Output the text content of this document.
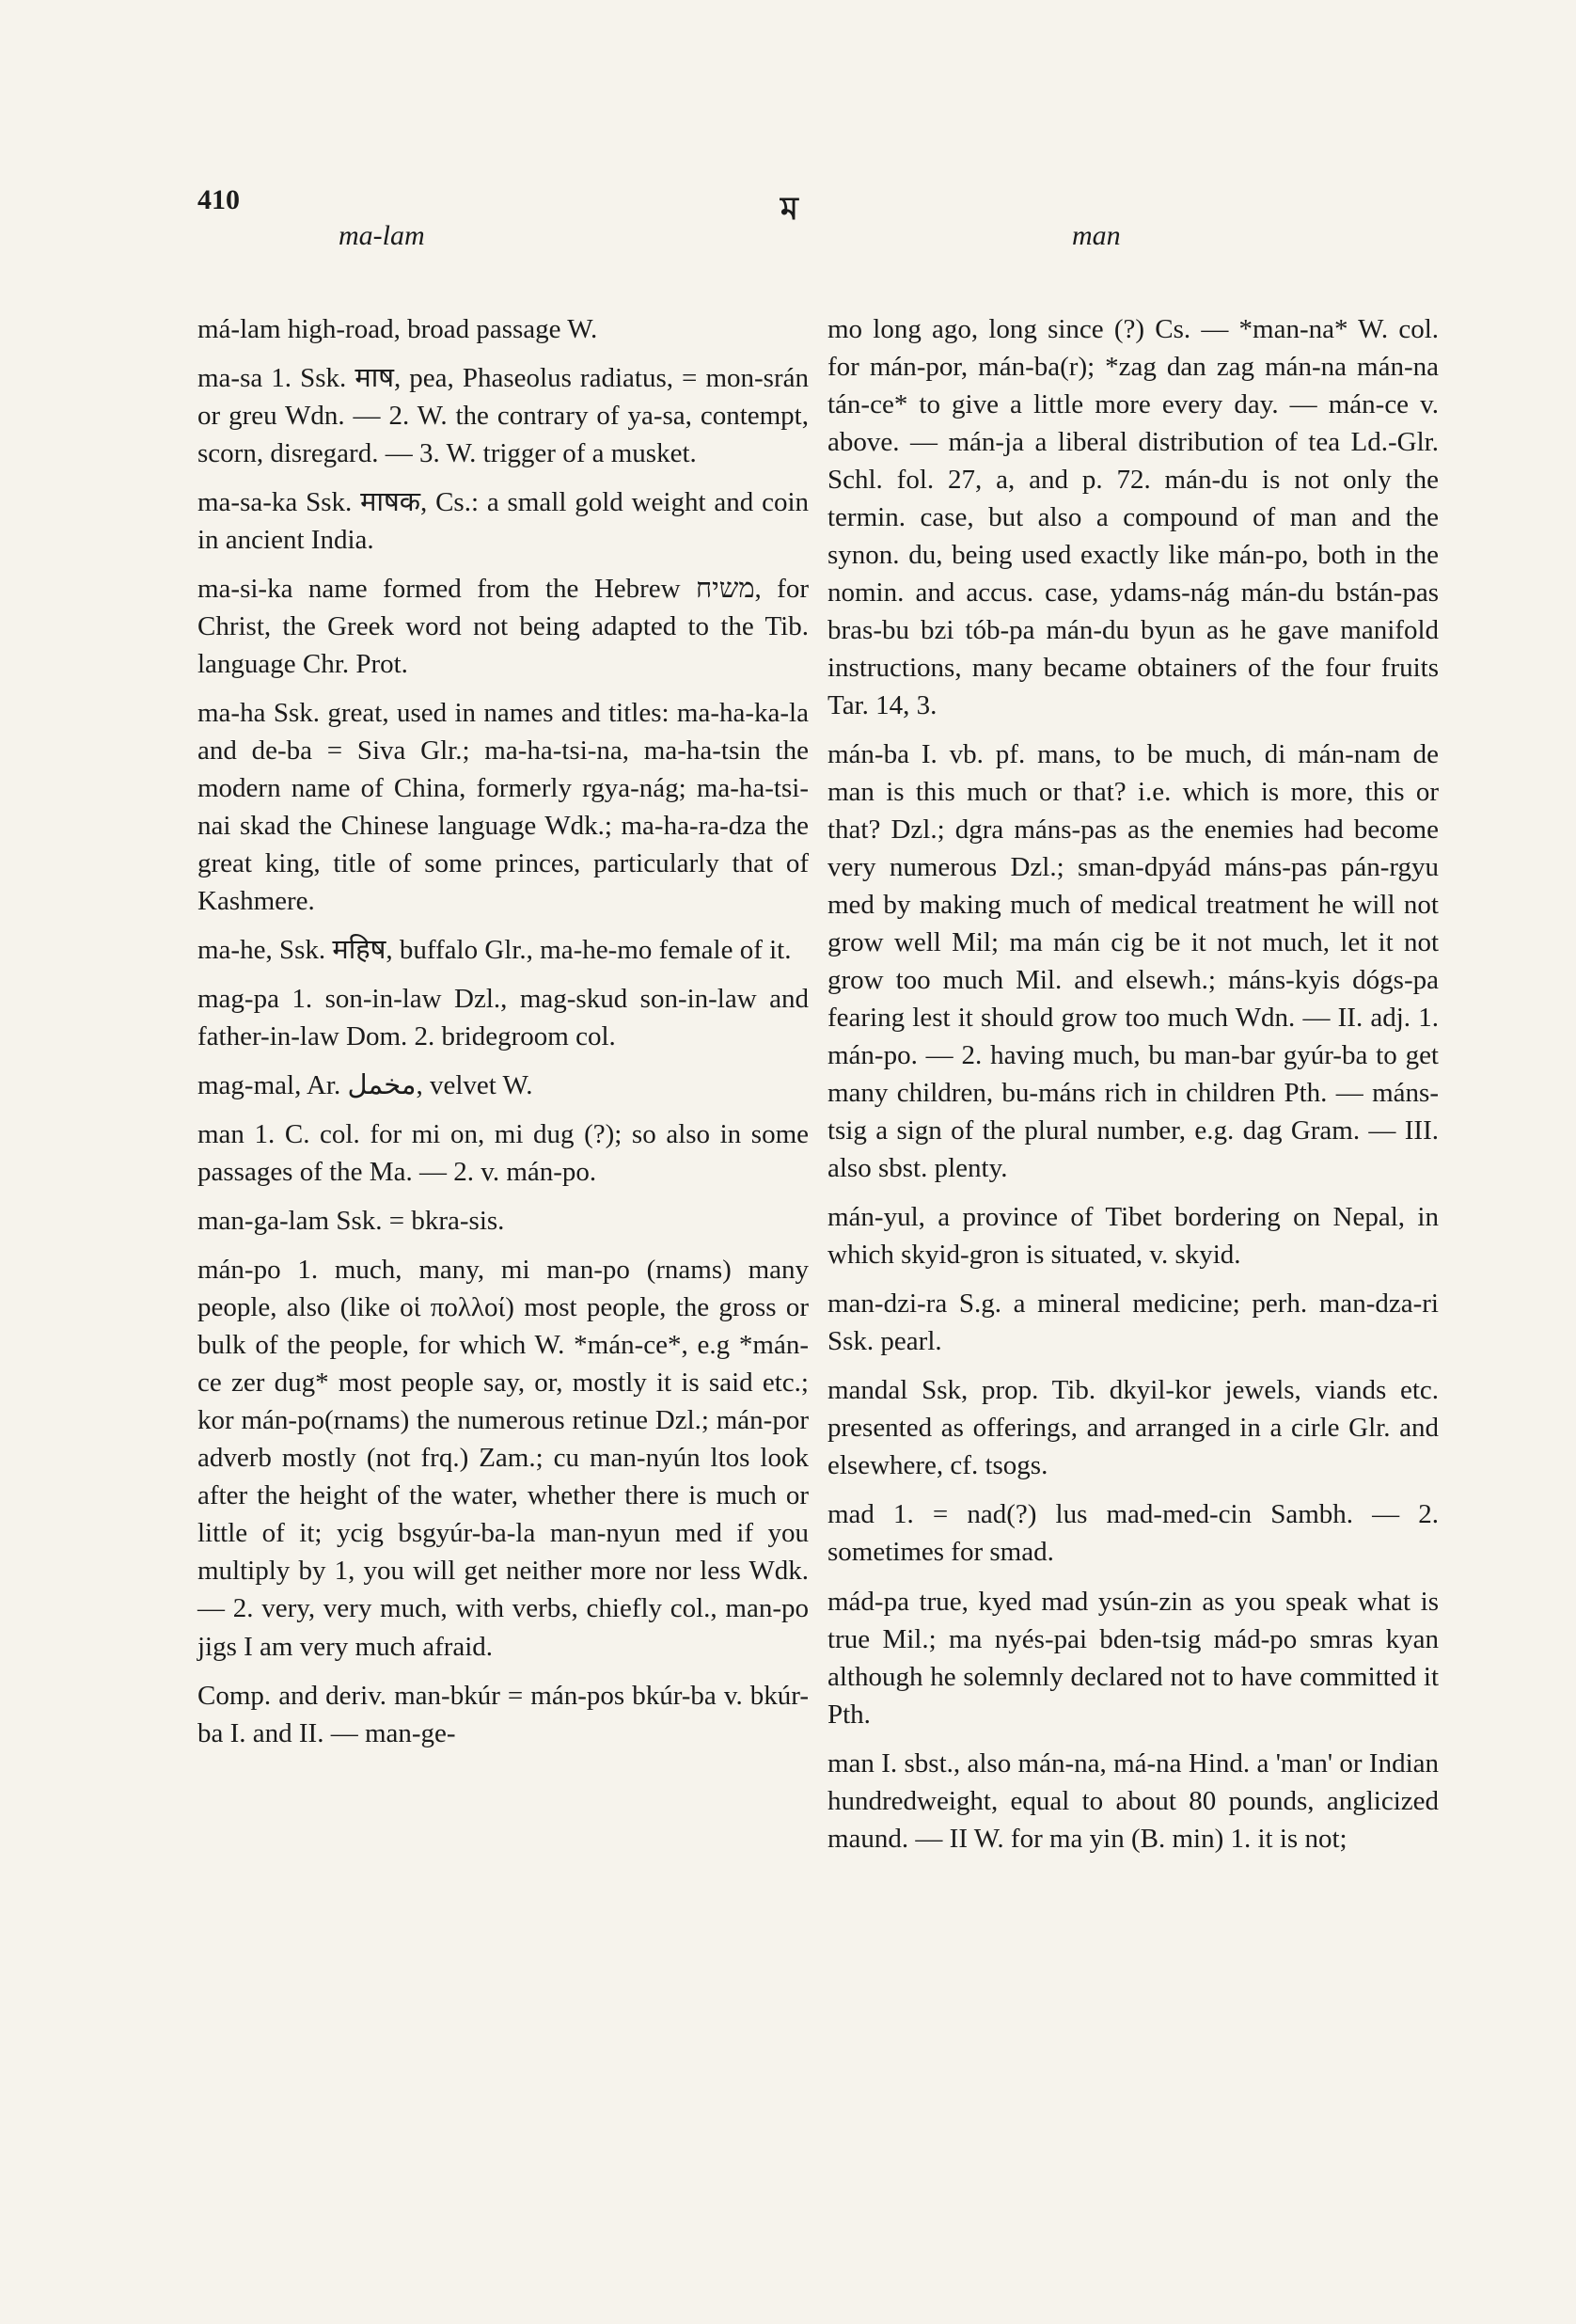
410	ম
ma-lam	man

má-lam high-road, broad passage W.

ma-sa 1. Ssk. माष, pea, Phaseolus radiatus, = mon-srán or greu Wdn. — 2. W. the contrary of ya-sa, contempt, scorn, disregard. — 3. W. trigger of a musket.

ma-sa-ka Ssk. माषक, Cs.: a small gold weight and coin in ancient India.

ma-si-ka name formed from the Hebrew משיח, for Christ, the Greek word not being adapted to the Tib. language Chr. Prot.

ma-ha Ssk. great, used in names and titles: ma-ha-ka-la and de-ba = Siva Glr.; ma-ha-tsi-na, ma-ha-tsin the modern name of China, formerly rgya-nág; ma-ha-tsi-nai skad the Chinese language Wdk.; ma-ha-ra-dza the great king, title of some princes, particularly that of Kashmere.

ma-he, Ssk. महिष, buffalo Glr., ma-he-mo female of it.

mag-pa 1. son-in-law Dzl., mag-skud son-in-law and father-in-law Dom. 2. bridegroom col.

mag-mal, Ar. مخمل, velvet W.

man 1. C. col. for mi on, mi dug (?); so also in some passages of the Ma. — 2. v. mán-po.

man-ga-lam Ssk. = bkra-sis.

mán-po 1. much, many, mi man-po (rnams) many people, also (like οἱ πολλοί) most people, the gross or bulk of the people, for which W. *mán-ce*, e.g *mán-ce zer dug* most people say, or, mostly it is said etc.; kor mán-po(rnams) the numerous retinue Dzl.; mán-por adverb mostly (not frq.) Zam.; cu man-nyún ltos look after the height of the water, whether there is much or little of it; ycig bsgyúr-ba-la man-nyun med if you multiply by 1, you will get neither more nor less Wdk. — 2. very, very much, with verbs, chiefly col., man-po jigs I am very much afraid.

Comp. and deriv. man-bkúr = mán-pos bkúr-ba v. bkúr-ba I. and II. — man-ge-

mo long ago, long since (?) Cs. — *man-na* W. col. for mán-por, mán-ba(r); *zag dan zag mán-na mán-na tán-ce* to give a little more every day. — mán-ce v. above. — mán-ja a liberal distribution of tea Ld.-Glr. Schl. fol. 27, a, and p. 72. mán-du is not only the termin. case, but also a compound of man and the synon. du, being used exactly like mán-po, both in the nomin. and accus. case, ydams-nág mán-du bstán-pas bras-bu bzi tób-pa mán-du byun as he gave manifold instructions, many became obtainers of the four fruits Tar. 14, 3.

mán-ba I. vb. pf. mans, to be much, di mán-nam de man is this much or that? i.e. which is more, this or that? Dzl.; dgra máns-pas as the enemies had become very numerous Dzl.; sman-dpyád máns-pas pán-rgyu med by making much of medical treatment he will not grow well Mil; ma mán cig be it not much, let it not grow too much Mil. and elsewh.; máns-kyis dógs-pa fearing lest it should grow too much Wdn. — II. adj. 1. mán-po. — 2. having much, bu man-bar gyúr-ba to get many children, bu-máns rich in children Pth. — máns-tsig a sign of the plural number, e.g. dag Gram. — III. also sbst. plenty.

mán-yul, a province of Tibet bordering on Nepal, in which skyid-gron is situated, v. skyid.

man-dzi-ra S.g. a mineral medicine; perh. man-dza-ri Ssk. pearl.

mandal Ssk, prop. Tib. dkyil-kor jewels, viands etc. presented as offerings, and arranged in a cirle Glr. and elsewhere, cf. tsogs.

mad 1. = nad(?) lus mad-med-cin Sambh. — 2. sometimes for smad.

mád-pa true, kyed mad ysún-zin as you speak what is true Mil.; ma nyés-pai bden-tsig mád-po smras kyan although he solemnly declared not to have committed it Pth.

man I. sbst., also mán-na, má-na Hind. a 'man' or Indian hundredweight, equal to about 80 pounds, anglicized maund. — II W. for ma yin (B. min) 1. it is not;
